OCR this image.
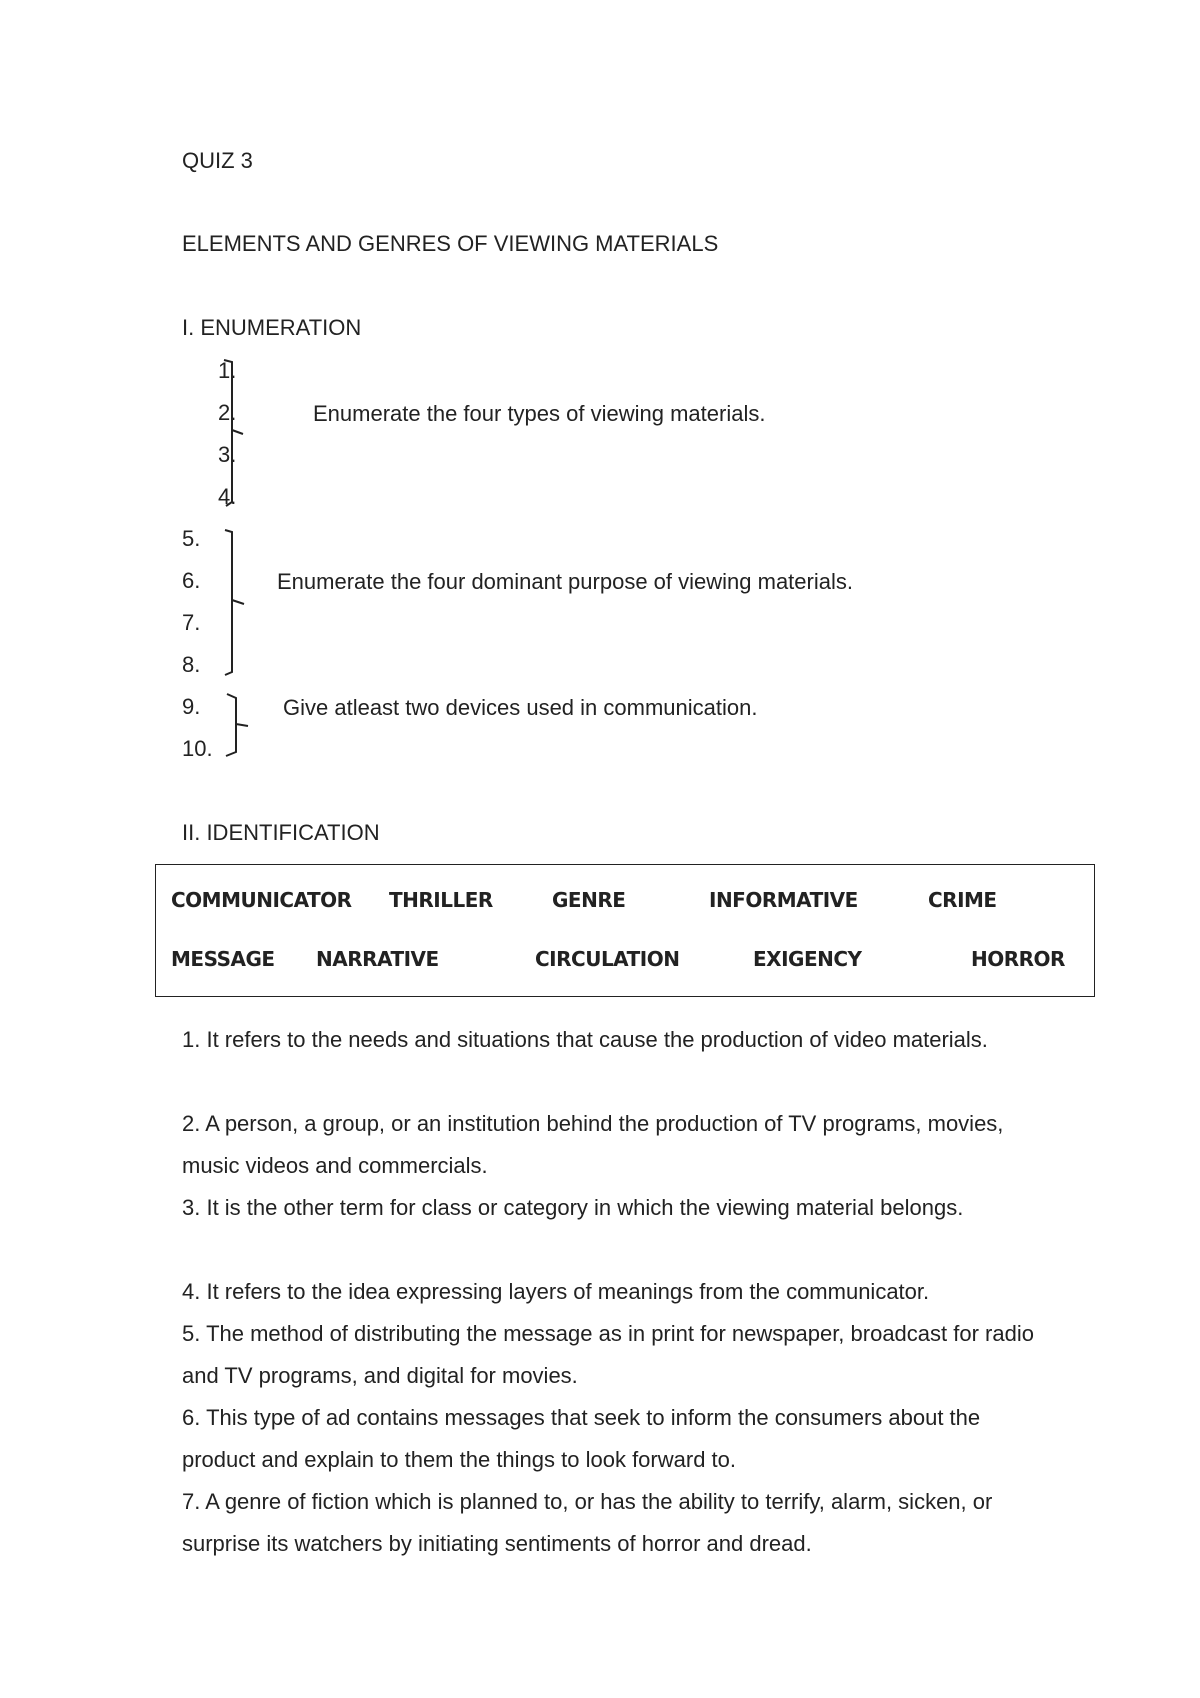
QUIZ 3
ELEMENTS AND GENRES OF VIEWING MATERIALS
I. ENUMERATION
1.
2.
3.
4.
5.
6.
7.
8.
9.
10.
Enumerate the four types of viewing materials.
Enumerate the four dominant purpose of viewing materials.
Give atleast two devices used in communication.
II. IDENTIFICATION
COMMUNICATOR THRILLER	GENRE	INFORMATIVE	CRIME
MESSAGE NARRATIVE	CIRCULATION	EXIGENCY	HORROR
1. It refers to the needs and situations that cause the production of video materials.
2. A person, a group, or an institution behind the production of TV programs, movies, music videos and commercials.
3. It is the other term for class or category in which the viewing material belongs.
4. It refers to the idea expressing layers of meanings from the communicator.
5. The method of distributing the message as in print for newspaper, broadcast for radio and TV programs, and digital for movies.
6. This type of ad contains messages that seek to inform the consumers about the product and explain to them the things to look forward to.
7. A genre of fiction which is planned to, or has the ability to terrify, alarm, sicken, or surprise its watchers by initiating sentiments of horror and dread.
